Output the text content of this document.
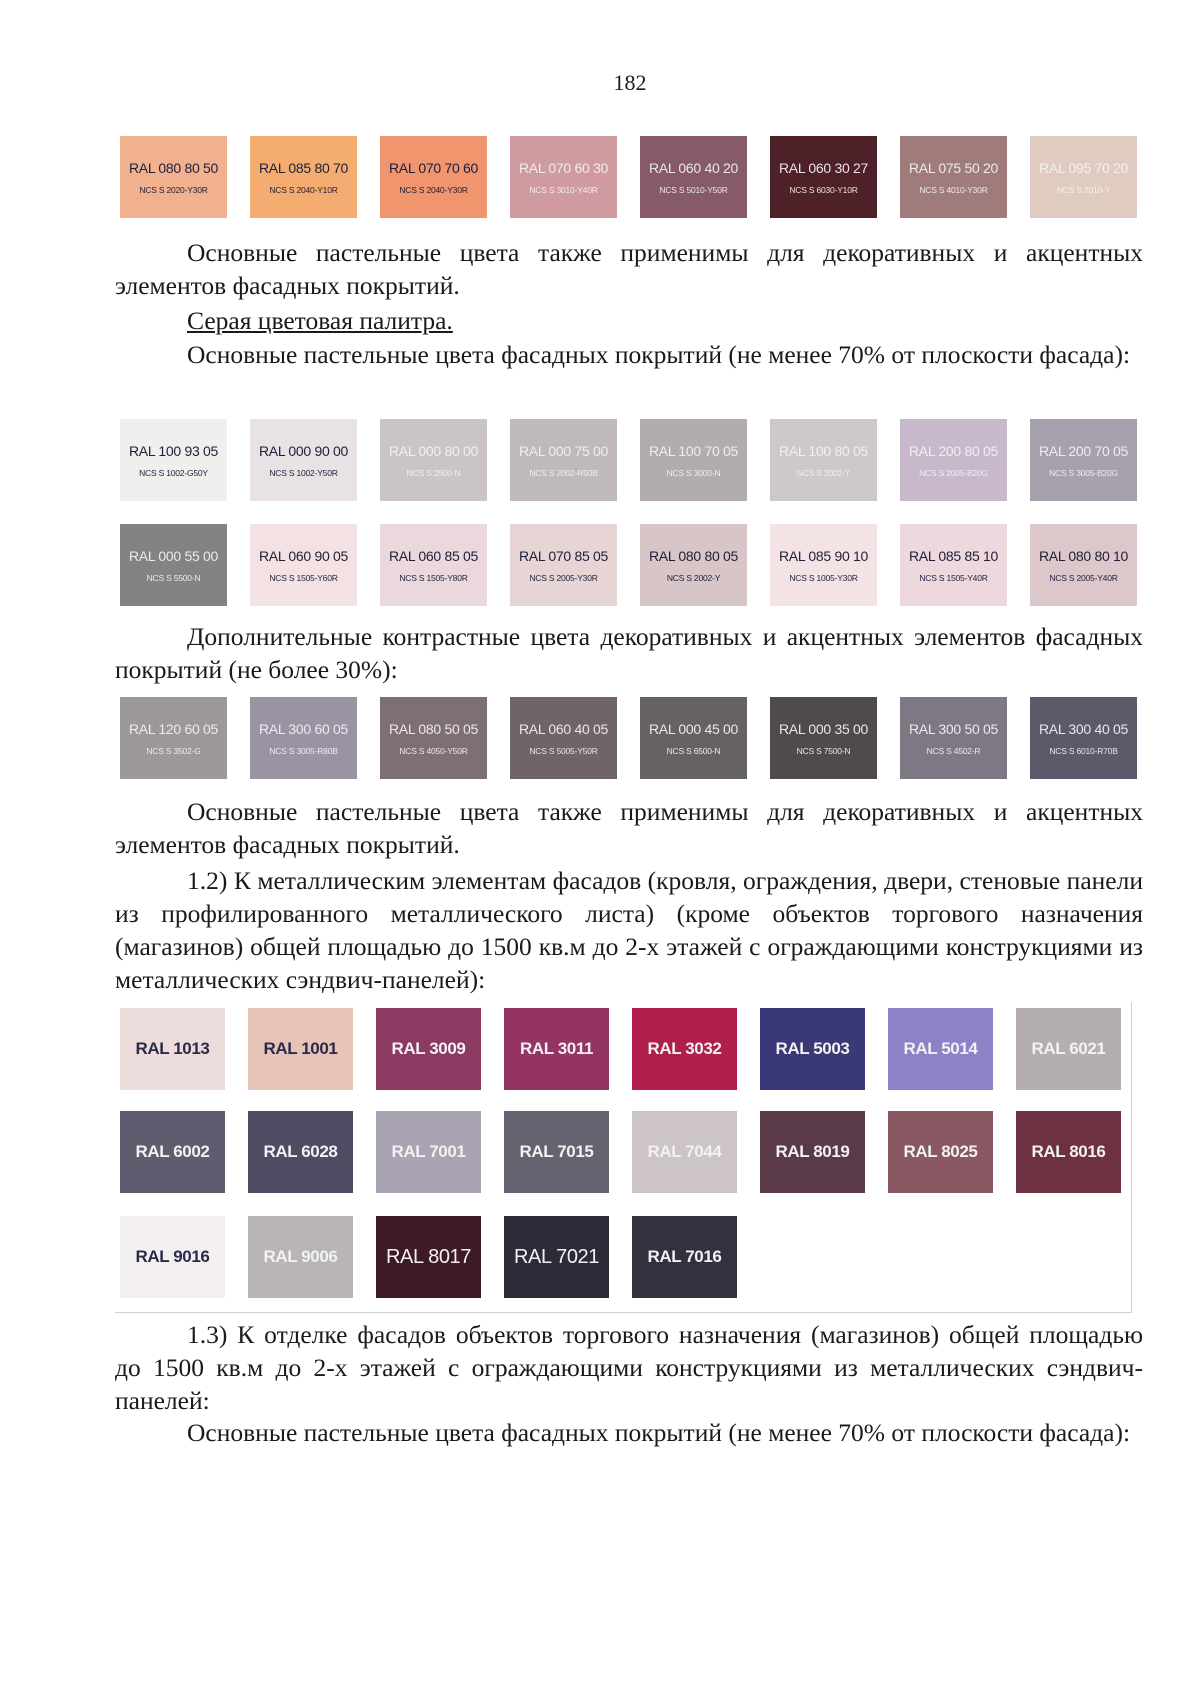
182
RAL 080 80 50
NCS S 2020-Y30R
RAL 085 80 70
NCS S 2040-Y10R
RAL 070 70 60
NCS S 2040-Y30R
RAL 070 60 30
NCS S 3010-Y40R
RAL 060 40 20
NCS S 5010-Y50R
RAL 060 30 27
NCS S 6030-Y10R
RAL 075 50 20
NCS S 4010-Y30R
RAL 095 70 20
NCS S 2010-Y

Основные пастельные цвета также применимы для декоративных и акцентных элементов фасадных покрытий.

Серая цветовая палитра.

Основные пастельные цвета фасадных покрытий (не менее 70% от плоскости фасада):

RAL 100 93 05
NCS S 1002-G50Y
RAL 000 90 00
NCS S 1002-Y50R
RAL 000 80 00
NCS S 2500-N
RAL 000 75 00
NCS S 2002-R50B
RAL 100 70 05
NCS S 3000-N
RAL 100 80 05
NCS S 2002-Y
RAL 200 80 05
NCS S 2005-B20G
RAL 200 70 05
NCS S 3005-B20G
RAL 000 55 00
NCS S 5500-N
RAL 060 90 05
NCS S 1505-Y60R
RAL 060 85 05
NCS S 1505-Y80R
RAL 070 85 05
NCS S 2005-Y30R
RAL 080 80 05
NCS S 2002-Y
RAL 085 90 10
NCS S 1005-Y30R
RAL 085 85 10
NCS S 1505-Y40R
RAL 080 80 10
NCS S 2005-Y40R

Дополнительные контрастные цвета декоративных и акцентных элементов фасадных покрытий (не более 30%):

RAL 120 60 05
NCS S 3502-G
RAL 300 60 05
NCS S 3005-R80B
RAL 080 50 05
NCS S 4050-Y50R
RAL 060 40 05
NCS S 5005-Y50R
RAL 000 45 00
NCS S 6500-N
RAL 000 35 00
NCS S 7500-N
RAL 300 50 05
NCS S 4502-R
RAL 300 40 05
NCS S 6010-R70B

Основные пастельные цвета также применимы для декоративных и акцентных элементов фасадных покрытий.

1.2) К металлическим элементам фасадов (кровля, ограждения, двери, стеновые панели из профилированного металлического листа) (кроме объектов торгового назначения (магазинов) общей площадью до 1500 кв.м до 2-х этажей с ограждающими конструкциями из металлических сэндвич-панелей):

RAL 1013	RAL 1001	RAL 3009	RAL 3011	RAL 3032	RAL 5003	RAL 5014	RAL 6021
RAL 6002	RAL 6028	RAL 7001	RAL 7015	RAL 7044	RAL 8019	RAL 8025	RAL 8016
RAL 9016	RAL 9006	RAL 8017	RAL 7021	RAL 7016

1.3) К отделке фасадов объектов торгового назначения (магазинов) общей площадью до 1500 кв.м до 2-х этажей с ограждающими конструкциями из металлических сэндвич-панелей:

Основные пастельные цвета фасадных покрытий (не менее 70% от плоскости фасада):
